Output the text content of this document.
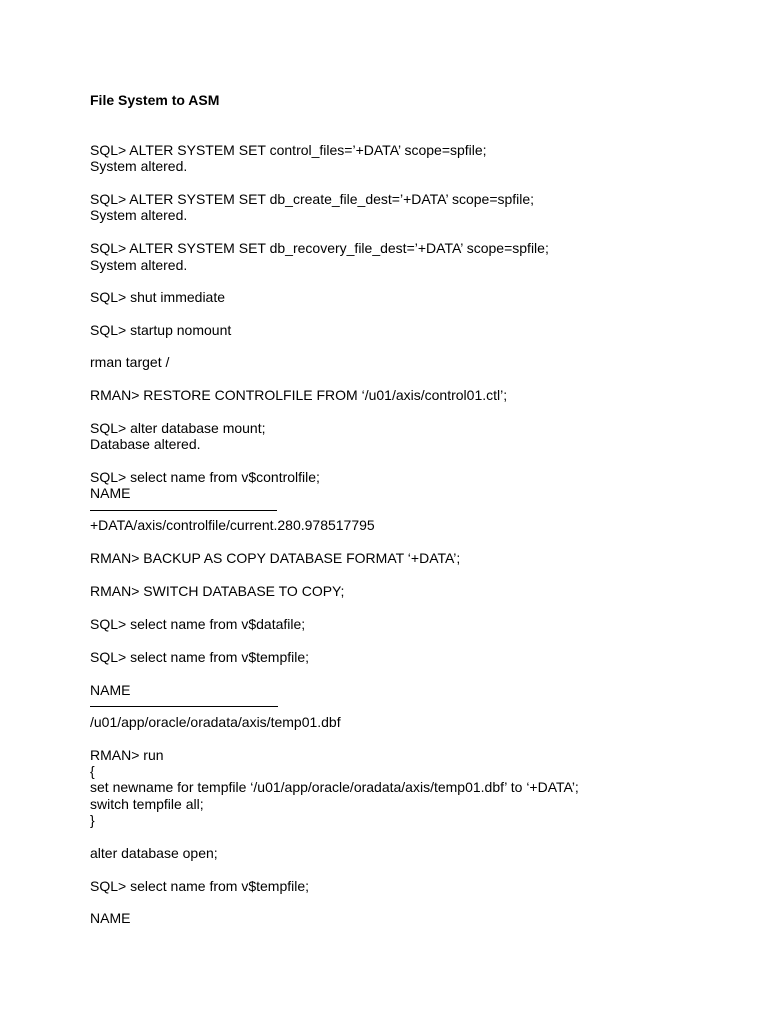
File System to ASM
SQL> ALTER SYSTEM SET control_files=’+DATA’ scope=spfile;
System altered.
SQL> ALTER SYSTEM SET db_create_file_dest=’+DATA’ scope=spfile;
System altered.
SQL> ALTER SYSTEM SET db_recovery_file_dest=’+DATA’ scope=spfile;
System altered.
SQL> shut immediate
SQL> startup nomount
rman target /
RMAN> RESTORE CONTROLFILE FROM ‘/u01/axis/control01.ctl’;
SQL> alter database mount;
Database altered.
SQL> select name from v$controlfile;
NAME
+DATA/axis/controlfile/current.280.978517795
RMAN> BACKUP AS COPY DATABASE FORMAT ‘+DATA’;
RMAN> SWITCH DATABASE TO COPY;
SQL> select name from v$datafile;
SQL> select name from v$tempfile;
NAME
/u01/app/oracle/oradata/axis/temp01.dbf
RMAN> run
{
set newname for tempfile ‘/u01/app/oracle/oradata/axis/temp01.dbf’ to ‘+DATA’;
switch tempfile all;
}
alter database open;
SQL> select name from v$tempfile;
NAME
